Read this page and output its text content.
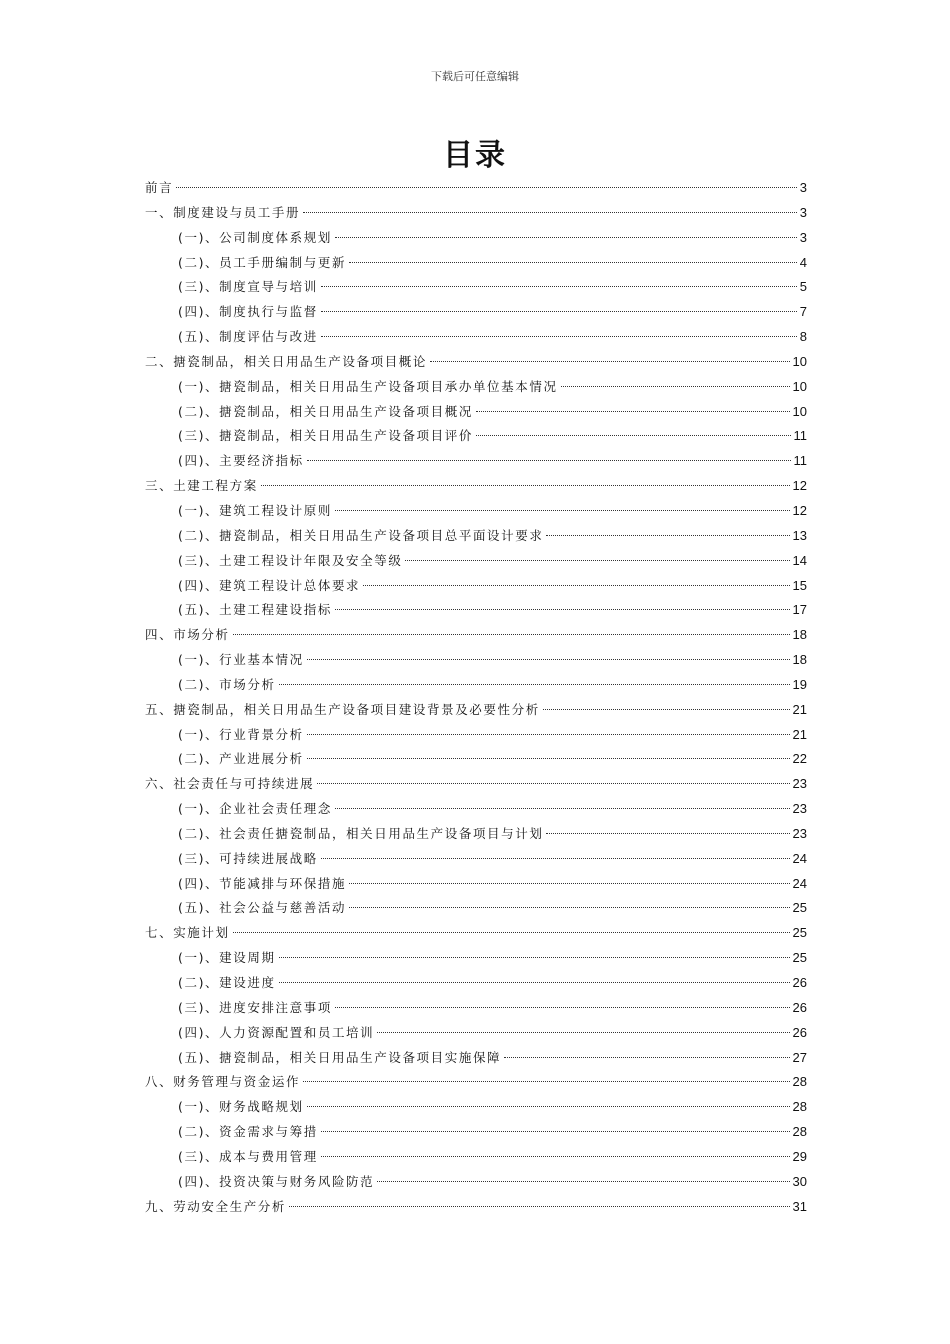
下载后可任意编辑
目录
前言	3
一、制度建设与员工手册	3
(一)、公司制度体系规划	3
(二)、员工手册编制与更新	4
(三)、制度宣导与培训	5
(四)、制度执行与监督	7
(五)、制度评估与改进	8
二、搪瓷制品，相关日用品生产设备项目概论	10
(一)、搪瓷制品，相关日用品生产设备项目承办单位基本情况	10
(二)、搪瓷制品，相关日用品生产设备项目概况	10
(三)、搪瓷制品，相关日用品生产设备项目评价	11
(四)、主要经济指标	11
三、土建工程方案	12
(一)、建筑工程设计原则	12
(二)、搪瓷制品，相关日用品生产设备项目总平面设计要求	13
(三)、土建工程设计年限及安全等级	14
(四)、建筑工程设计总体要求	15
(五)、土建工程建设指标	17
四、市场分析	18
(一)、行业基本情况	18
(二)、市场分析	19
五、搪瓷制品，相关日用品生产设备项目建设背景及必要性分析	21
(一)、行业背景分析	21
(二)、产业进展分析	22
六、社会责任与可持续进展	23
(一)、企业社会责任理念	23
(二)、社会责任搪瓷制品，相关日用品生产设备项目与计划	23
(三)、可持续进展战略	24
(四)、节能减排与环保措施	24
(五)、社会公益与慈善活动	25
七、实施计划	25
(一)、建设周期	25
(二)、建设进度	26
(三)、进度安排注意事项	26
(四)、人力资源配置和员工培训	26
(五)、搪瓷制品，相关日用品生产设备项目实施保障	27
八、财务管理与资金运作	28
(一)、财务战略规划	28
(二)、资金需求与筹措	28
(三)、成本与费用管理	29
(四)、投资决策与财务风险防范	30
九、劳动安全生产分析	31
